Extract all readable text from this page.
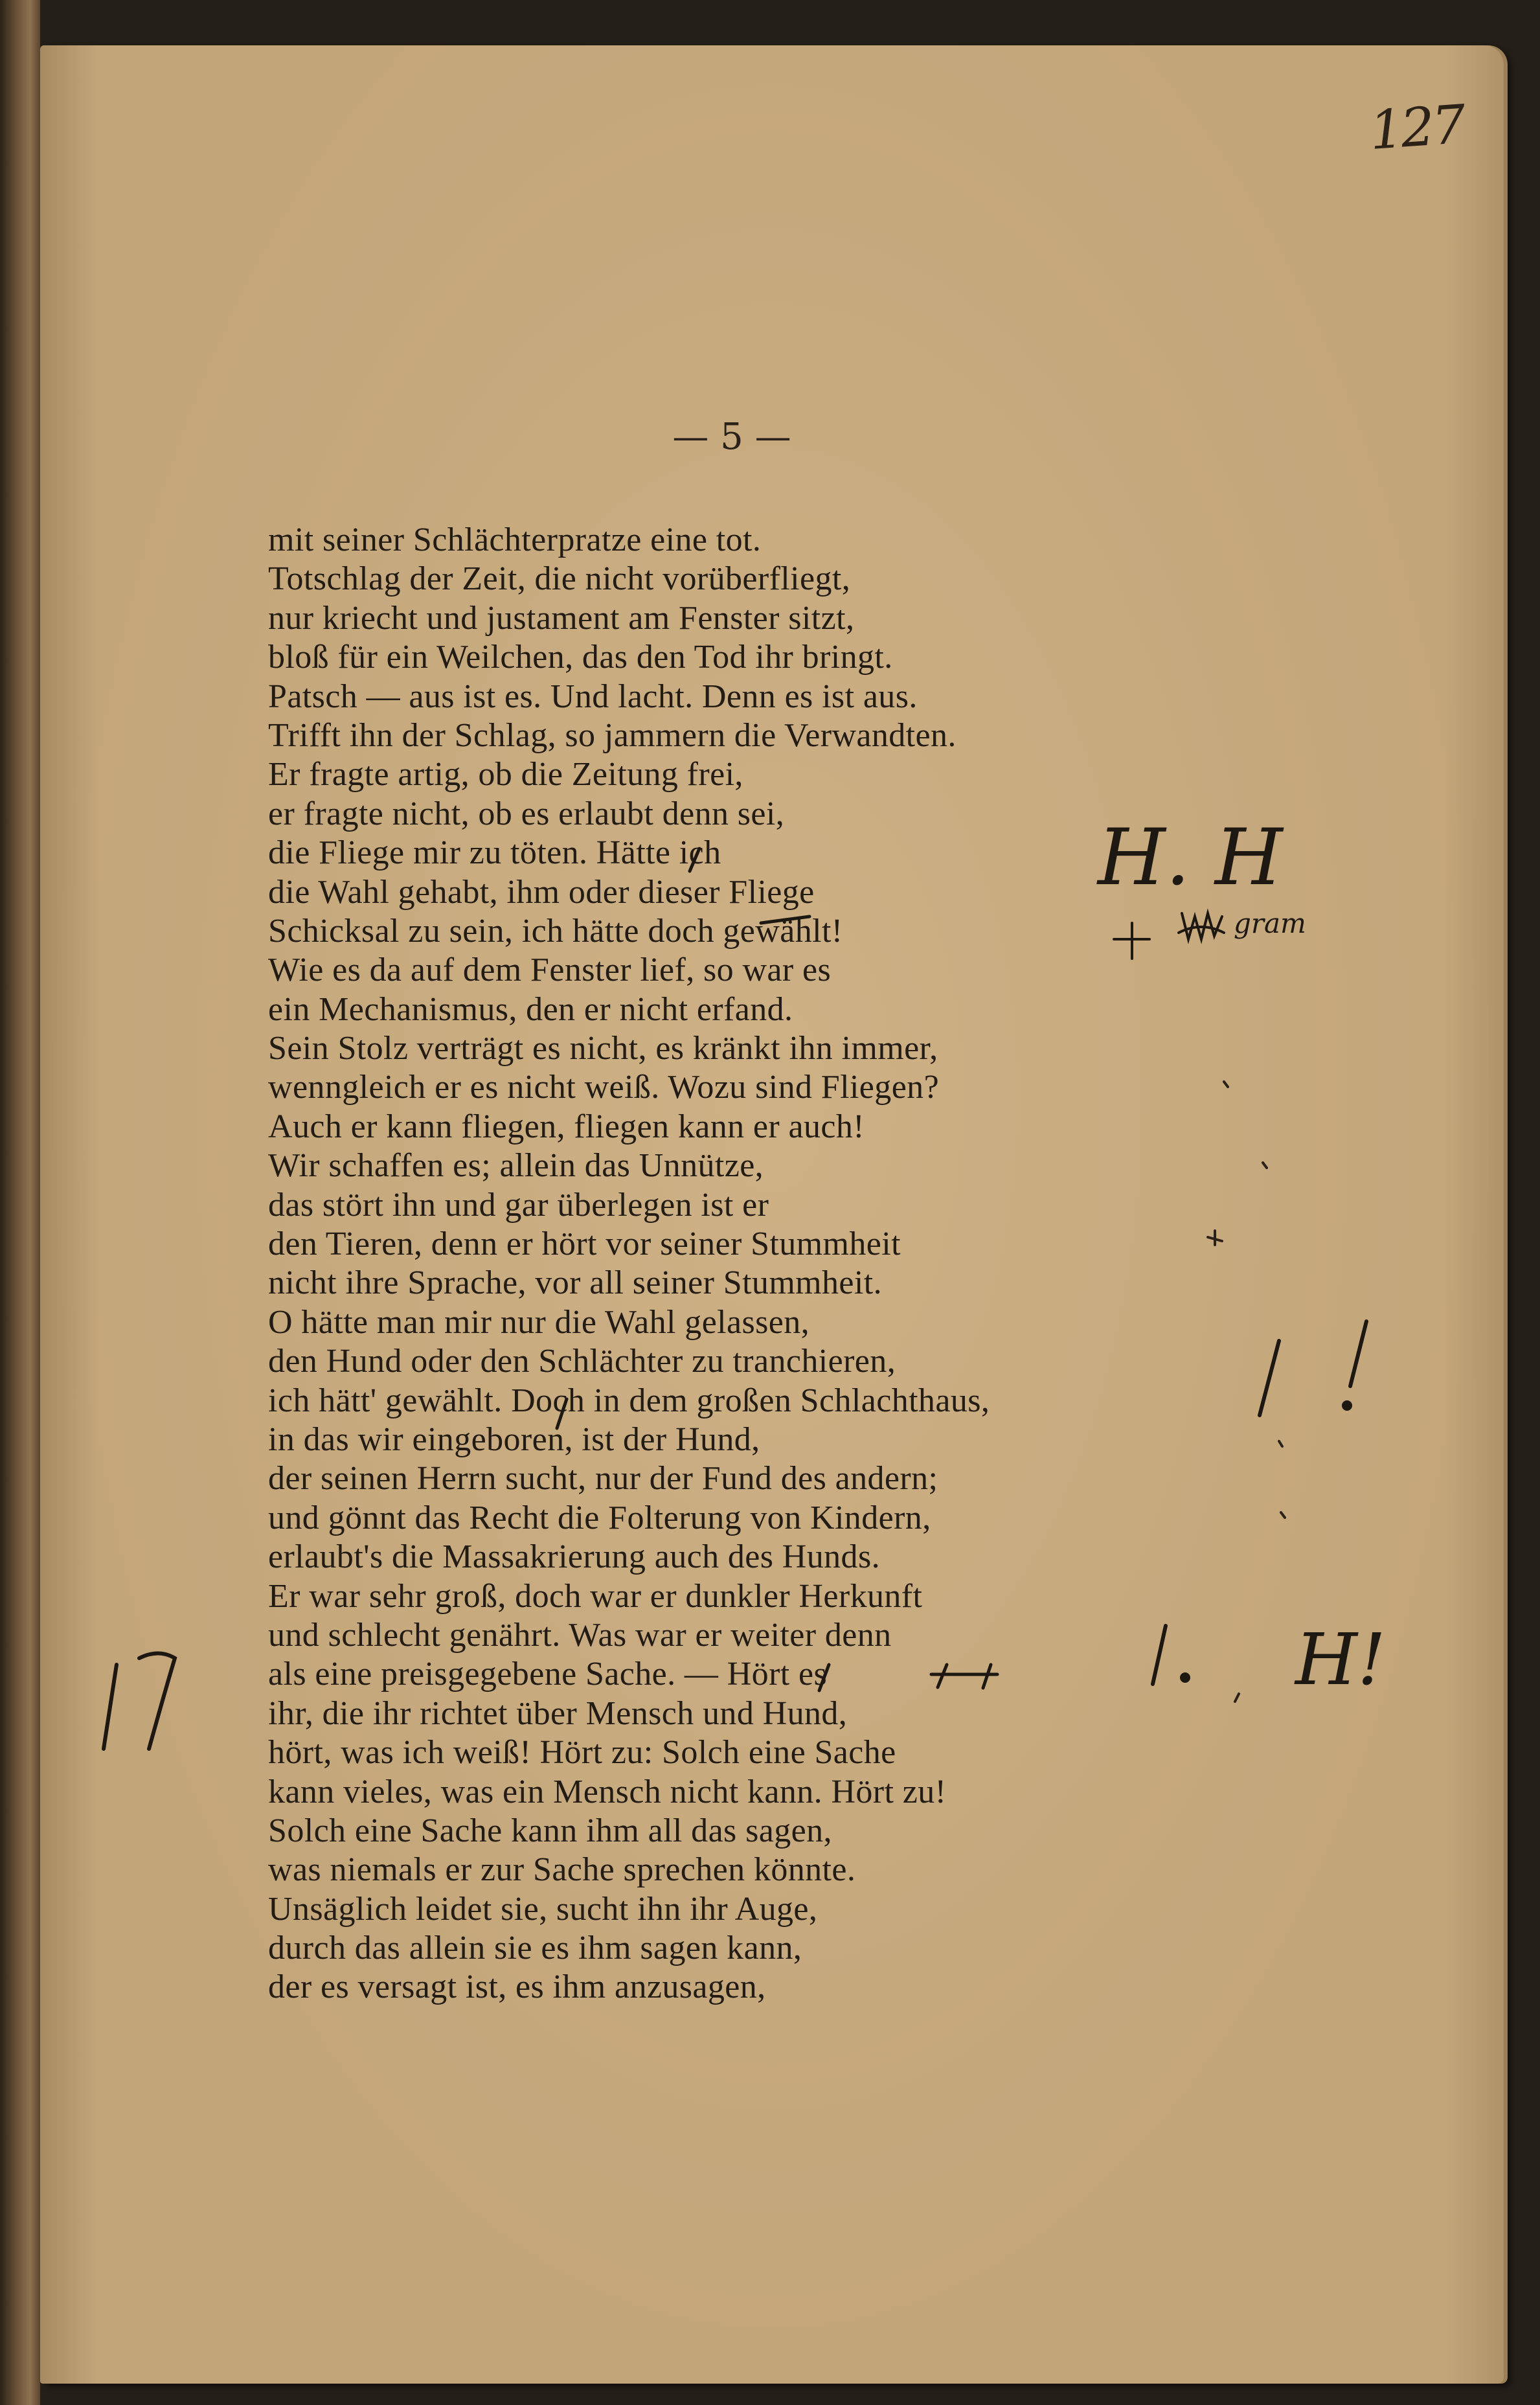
127
— 5 —
mit seiner Schlächterpratze eine tot.
Totschlag der Zeit, die nicht vorüberfliegt,
nur kriecht und justament am Fenster sitzt,
bloß für ein Weilchen, das den Tod ihr bringt.
Patsch — aus ist es. Und lacht. Denn es ist aus.
Trifft ihn der Schlag, so jammern die Verwandten.
Er fragte artig, ob die Zeitung frei,
er fragte nicht, ob es erlaubt denn sei,
die Fliege mir zu töten. Hätte ich
die Wahl gehabt, ihm oder dieser Fliege
Schicksal zu sein, ich hätte doch gewählt!
Wie es da auf dem Fenster lief, so war es
ein Mechanismus, den er nicht erfand.
Sein Stolz verträgt es nicht, es kränkt ihn immer,
wenngleich er es nicht weiß. Wozu sind Fliegen?
Auch er kann fliegen, fliegen kann er auch!
Wir schaffen es; allein das Unnütze,
das stört ihn und gar überlegen ist er
den Tieren, denn er hört vor seiner Stummheit
nicht ihre Sprache, vor all seiner Stummheit.
O hätte man mir nur die Wahl gelassen,
den Hund oder den Schlächter zu tranchieren,
ich hätt' gewählt. Doch in dem großen Schlachthaus,
in das wir eingeboren, ist der Hund,
der seinen Herrn sucht, nur der Fund des andern;
und gönnt das Recht die Folterung von Kindern,
erlaubt's die Massakrierung auch des Hunds.
Er war sehr groß, doch war er dunkler Herkunft
und schlecht genährt. Was war er weiter denn
als eine preisgegebene Sache. — Hört es
ihr, die ihr richtet über Mensch und Hund,
hört, was ich weiß! Hört zu: Solch eine Sache
kann vieles, was ein Mensch nicht kann. Hört zu!
Solch eine Sache kann ihm all das sagen,
was niemals er zur Sache sprechen könnte.
Unsäglich leidet sie, sucht ihn ihr Auge,
durch das allein sie es ihm sagen kann,
der es versagt ist, es ihm anzusagen,
H. H
gram
H!
